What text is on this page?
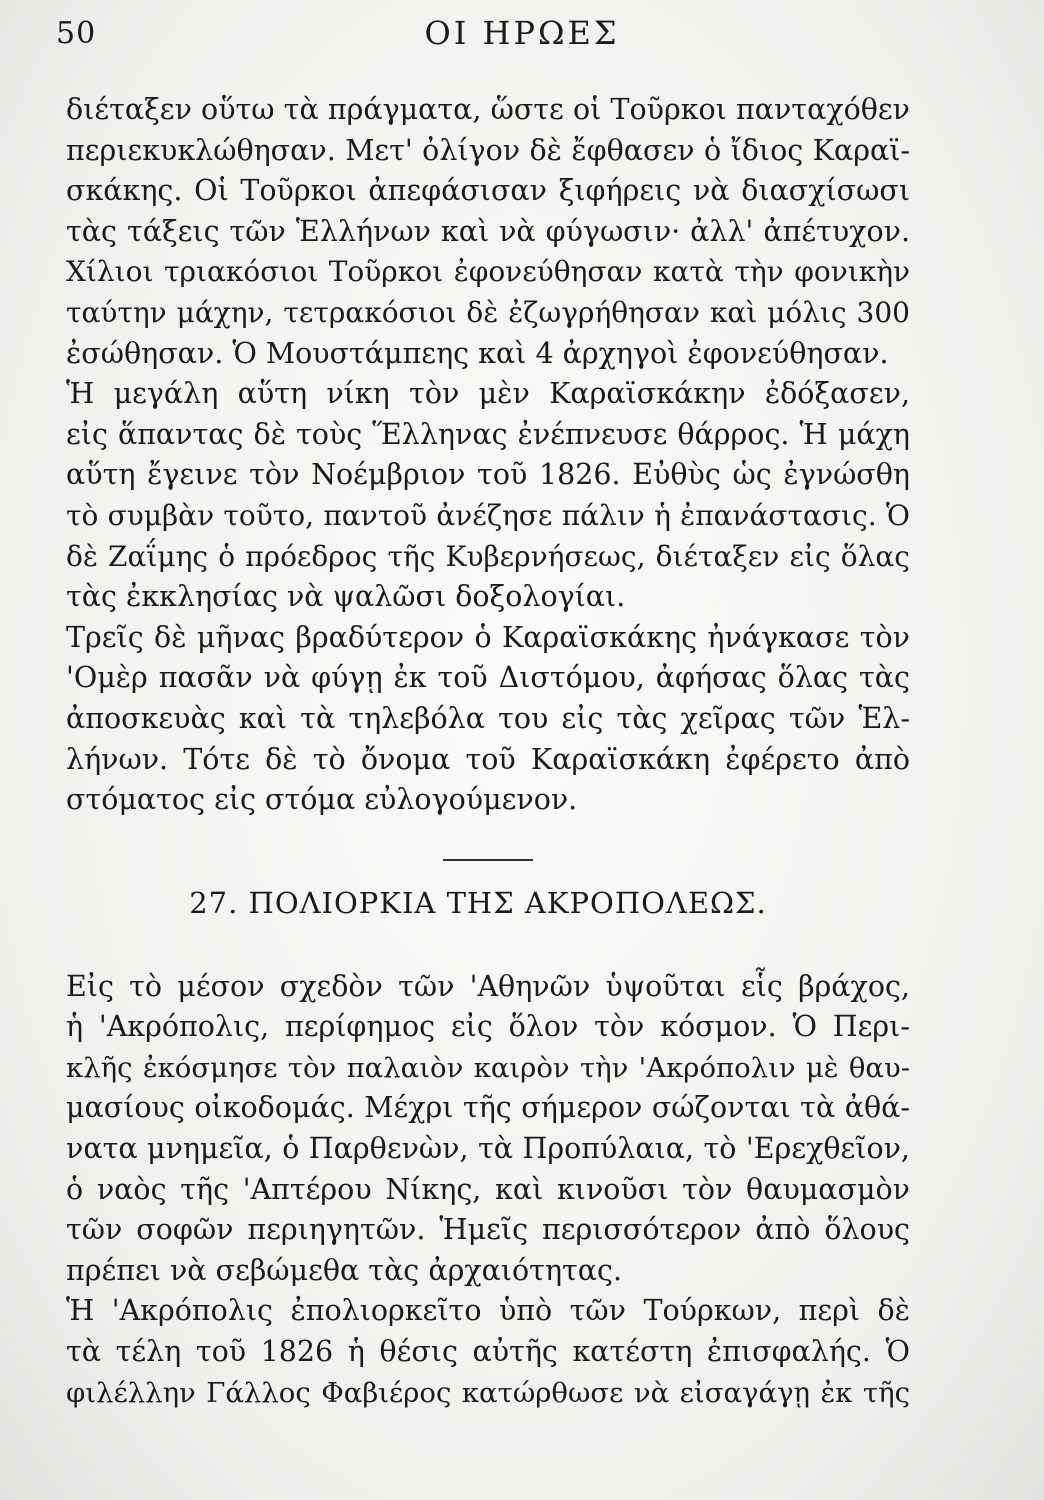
50	ΟΙ ΗΡΩΕΣ
διέταξεν οὕτω τὰ πράγματα, ὥστε οἱ Τοῦρκοι πανταχόθεν
περιεκυκλώθησαν. Μετ' ὀλίγον δὲ ἔφθασεν ὁ ἴδιος Καραϊ-
σκάκης. Οἱ Τοῦρκοι ἀπεφάσισαν ξιφήρεις νὰ διασχίσωσι
τὰς τάξεις τῶν Ἑλλήνων καὶ νὰ φύγωσιν· ἀλλ' ἀπέτυχον.
Χίλιοι τριακόσιοι Τοῦρκοι ἐφονεύθησαν κατὰ τὴν φονικὴν
ταύτην μάχην, τετρακόσιοι δὲ ἐζωγρήθησαν καὶ μόλις 300
ἐσώθησαν. Ὁ Μουστάμπεης καὶ 4 ἀρχηγοὶ ἐφονεύθησαν.
Ἡ μεγάλη αὕτη νίκη τὸν μὲν Καραϊσκάκην ἐδόξασεν,
εἰς ἅπαντας δὲ τοὺς Ἕλληνας ἐνέπνευσε θάρρος. Ἡ μάχη
αὕτη ἔγεινε τὸν Νοέμβριον τοῦ 1826. Εὐθὺς ὡς ἐγνώσθη
τὸ συμβὰν τοῦτο, παντοῦ ἀνέζησε πάλιν ἡ ἐπανάστασις. Ὁ
δὲ Ζαΐμης ὁ πρόεδρος τῆς Κυβερνήσεως, διέταξεν εἰς ὅλας
τὰς ἐκκλησίας νὰ ψαλῶσι δοξολογίαι.
Τρεῖς δὲ μῆνας βραδύτερον ὁ Καραϊσκάκης ἠνάγκασε τὸν
'Ομὲρ πασᾶν νὰ φύγῃ ἐκ τοῦ Διστόμου, ἀφήσας ὅλας τὰς
ἀποσκευὰς καὶ τὰ τηλεβόλα του εἰς τὰς χεῖρας τῶν Ἑλ-
λήνων. Τότε δὲ τὸ ὄνομα τοῦ Καραϊσκάκη ἐφέρετο ἀπὸ
στόματος εἰς στόμα εὐλογούμενον.
27. ΠΟΛΙΟΡΚΙΑ ΤΗΣ ΑΚΡΟΠΟΛΕΩΣ.
Εἰς τὸ μέσον σχεδὸν τῶν 'Αθηνῶν ὑψοῦται εἷς βράχος,
ἡ 'Ακρόπολις, περίφημος εἰς ὅλον τὸν κόσμον. Ὁ Περι-
κλῆς ἐκόσμησε τὸν παλαιὸν καιρὸν τὴν 'Ακρόπολιν μὲ θαυ-
μασίους οἰκοδομάς. Μέχρι τῆς σήμερον σώζονται τὰ ἀθά-
νατα μνημεῖα, ὁ Παρθενὼν, τὰ Προπύλαια, τὸ 'Ερεχθεῖον,
ὁ ναὸς τῆς 'Απτέρου Νίκης, καὶ κινοῦσι τὸν θαυμασμὸν
τῶν σοφῶν περιηγητῶν. Ἡμεῖς περισσότερον ἀπὸ ὅλους
πρέπει νὰ σεβώμεθα τὰς ἀρχαιότητας.
Ἡ 'Ακρόπολις ἐπολιορκεῖτο ὑπὸ τῶν Τούρκων, περὶ δὲ
τὰ τέλη τοῦ 1826 ἡ θέσις αὐτῆς κατέστη ἐπισφαλής. Ὁ
φιλέλλην Γάλλος Φαβιέρος κατώρθωσε νὰ εἰσαγάγῃ ἐκ τῆς
